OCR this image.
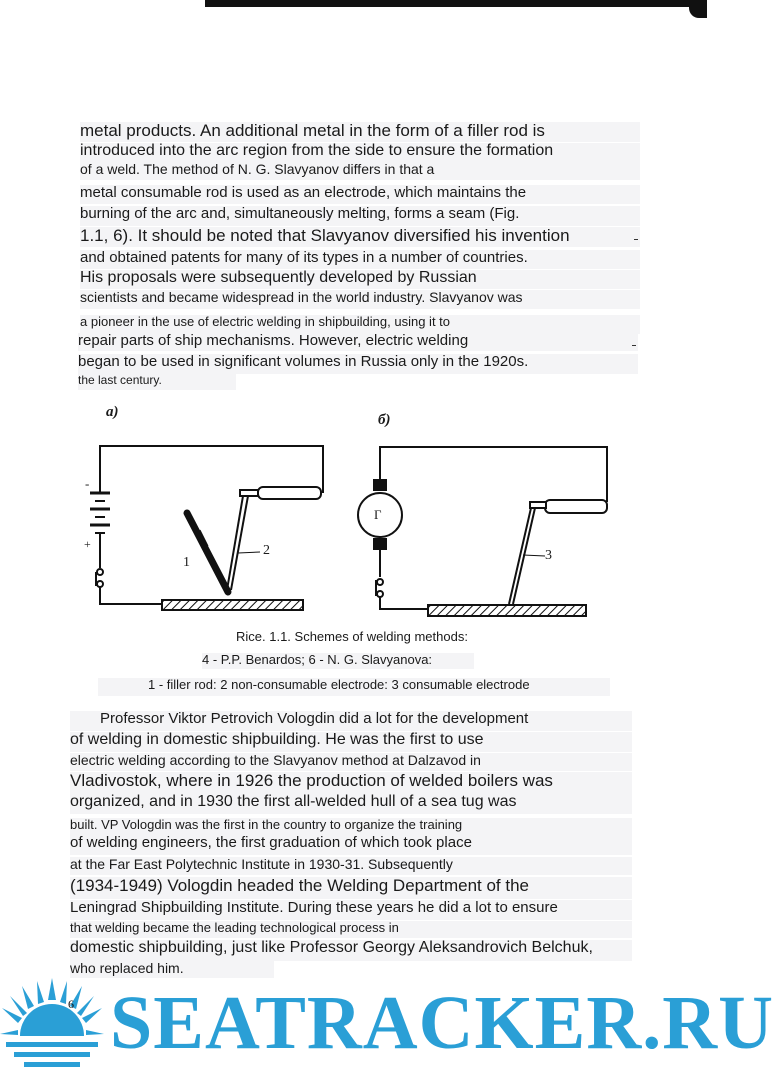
metal products. An additional metal in the form of a filler rod is
introduced into the arc region from the side to ensure the formation
of a weld. The method of N. G. Slavyanov differs in that a
metal consumable rod is used as an electrode, which maintains the
burning of the arc and, simultaneously melting, forms a seam (Fig.
1.1, 6). It should be noted that Slavyanov diversified his invention
and obtained patents for many of its types in a number of countries.
His proposals were subsequently developed by Russian
scientists and became widespread in the world industry. Slavyanov was
a pioneer in the use of electric welding in shipbuilding, using it to
repair parts of ship mechanisms. However, electric welding
began to be used in significant volumes in Russia only in the 1920s.
the last century.
a)	б)
-
+
1
2	3
Г
Rice. 1.1. Schemes of welding methods:
4 - P.P. Benardos; 6 - N. G. Slavyanova:
1 - filler rod: 2 non-consumable electrode: 3 consumable electrode
Professor Viktor Petrovich Vologdin did a lot for the development
of welding in domestic shipbuilding. He was the first to use
electric welding according to the Slavyanov method at Dalzavod in
Vladivostok, where in 1926 the production of welded boilers was
organized, and in 1930 the first all-welded hull of a sea tug was
built. VP Vologdin was the first in the country to organize the training
of welding engineers, the first graduation of which took place
at the Far East Polytechnic Institute in 1930-31. Subsequently
(1934-1949) Vologdin headed the Welding Department of the
Leningrad Shipbuilding Institute. During these years he did a lot to ensure
that welding became the leading technological process in
domestic shipbuilding, just like Professor Georgy Aleksandrovich Belchuk,
who replaced him.
SEATRACKER.RU
6
